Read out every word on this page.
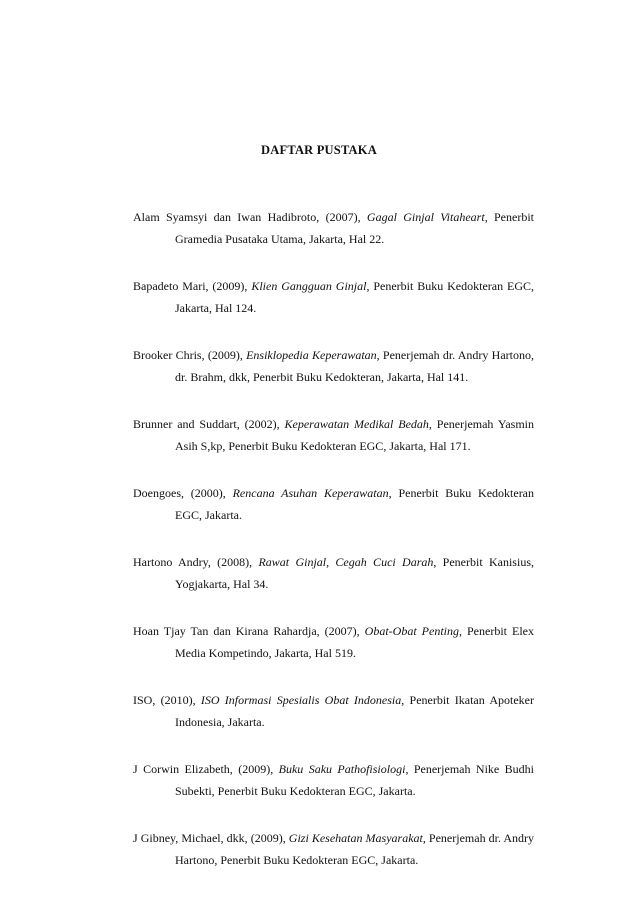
DAFTAR PUSTAKA

Alam Syamsyi dan Iwan Hadibroto, (2007), Gagal Ginjal Vitaheart, Penerbit Gramedia Pusataka Utama, Jakarta, Hal 22.

Bapadeto Mari, (2009), Klien Gangguan Ginjal, Penerbit Buku Kedokteran EGC, Jakarta, Hal 124.

Brooker Chris, (2009), Ensiklopedia Keperawatan, Penerjemah dr. Andry Hartono, dr. Brahm, dkk, Penerbit Buku Kedokteran, Jakarta, Hal 141.

Brunner and Suddart, (2002), Keperawatan Medikal Bedah, Penerjemah Yasmin Asih S,kp, Penerbit Buku Kedokteran EGC, Jakarta, Hal 171.

Doengoes, (2000), Rencana Asuhan Keperawatan, Penerbit Buku Kedokteran EGC, Jakarta.

Hartono Andry, (2008), Rawat Ginjal, Cegah Cuci Darah, Penerbit Kanisius, Yogjakarta, Hal 34.

Hoan Tjay Tan dan Kirana Rahardja, (2007), Obat-Obat Penting, Penerbit Elex Media Kompetindo, Jakarta, Hal 519.

ISO, (2010), ISO Informasi Spesialis Obat Indonesia, Penerbit Ikatan Apoteker Indonesia, Jakarta.

J Corwin Elizabeth, (2009), Buku Saku Pathofisiologi, Penerjemah Nike Budhi Subekti, Penerbit Buku Kedokteran EGC, Jakarta.

J Gibney, Michael, dkk, (2009), Gizi Kesehatan Masyarakat, Penerjemah dr. Andry Hartono, Penerbit Buku Kedokteran EGC, Jakarta.
